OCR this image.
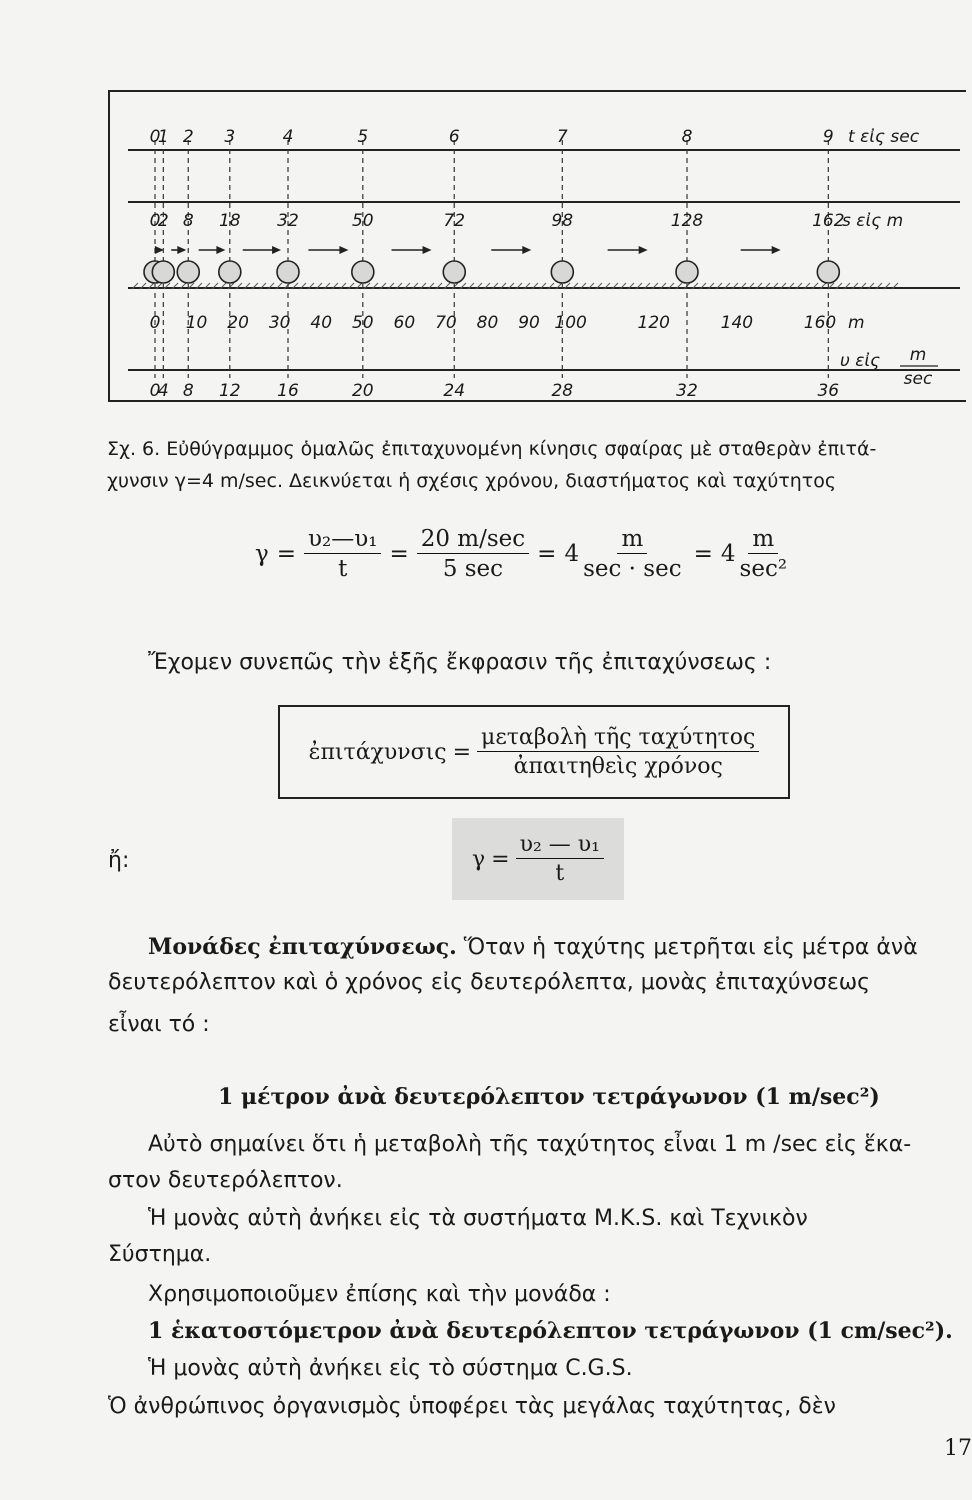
0
1 2 3	4	5	6	7	8	9 t εἰς sec
0
2 8 18 32	50	72	98	128	162
s εἰς m
0 10 20 30 40 50 60 70 80 90 100	120	140	160 m
0
4 8 12 16	20	24	28	32	36
υ εἰς m
sec
Σχ. 6. Εὐθύγραμμος ὁμαλῶς ἐπιταχυνομένη κίνησις σφαίρας μὲ σταθερὰν ἐπιτά-
χυνσιν γ=4 m/sec. Δεικνύεται ἡ σχέσις χρόνου, διαστήματος καὶ ταχύτητος
$\gamma = \frac{\text{υ₂—υ₁}}{t} = \frac{20 m/\sec}{5 \sec} = 4 \frac{m}{\sec \cdot \sec} = 4 \frac{m}{\text{sec²}}$
Ἔχομεν συνεπῶς τὴν ἑξῆς ἔκφρασιν τῆς ἐπιταχύνσεως :
ἐπιτάχυνσις = $\frac{\text{μεταβολὴ τῆς ταχύτητος}}{\text{ἀπαιτηθεὶς χρόνος}}$
ἤ:	$\gamma = \frac{\text{υ₂ — υ₁}}{t}$
Μονάδες ἐπιταχύνσεως. Ὅταν ἡ ταχύτης μετρῆται εἰς μέτρα ἀνὰ
δευτερόλεπτον καὶ ὁ χρόνος εἰς δευτερόλεπτα, μονὰς ἐπιταχύνσεως
εἶναι τό :
1 μέτρον ἀνὰ δευτερόλεπτον τετράγωνον (1 m/sec²)
Αὐτὸ σημαίνει ὅτι ἡ μεταβολὴ τῆς ταχύτητος εἶναι 1 m /sec εἰς ἕκα-
στον δευτερόλεπτον.
Ἡ μονὰς αὐτὴ ἀνήκει εἰς τὰ συστήματα M.K.S. καὶ Τεχνικὸν
Σύστημα.
Χρησιμοποιοῦμεν ἐπίσης καὶ τὴν μονάδα :
1 ἑκατοστόμετρον ἀνὰ δευτερόλεπτον τετράγωνον (1 cm/sec²).
Ἡ μονὰς αὐτὴ ἀνήκει εἰς τὸ σύστημα C.G.S.
Ὁ ἀνθρώπινος ὀργανισμὸς ὑποφέρει τὰς μεγάλας ταχύτητας, δὲν
17
